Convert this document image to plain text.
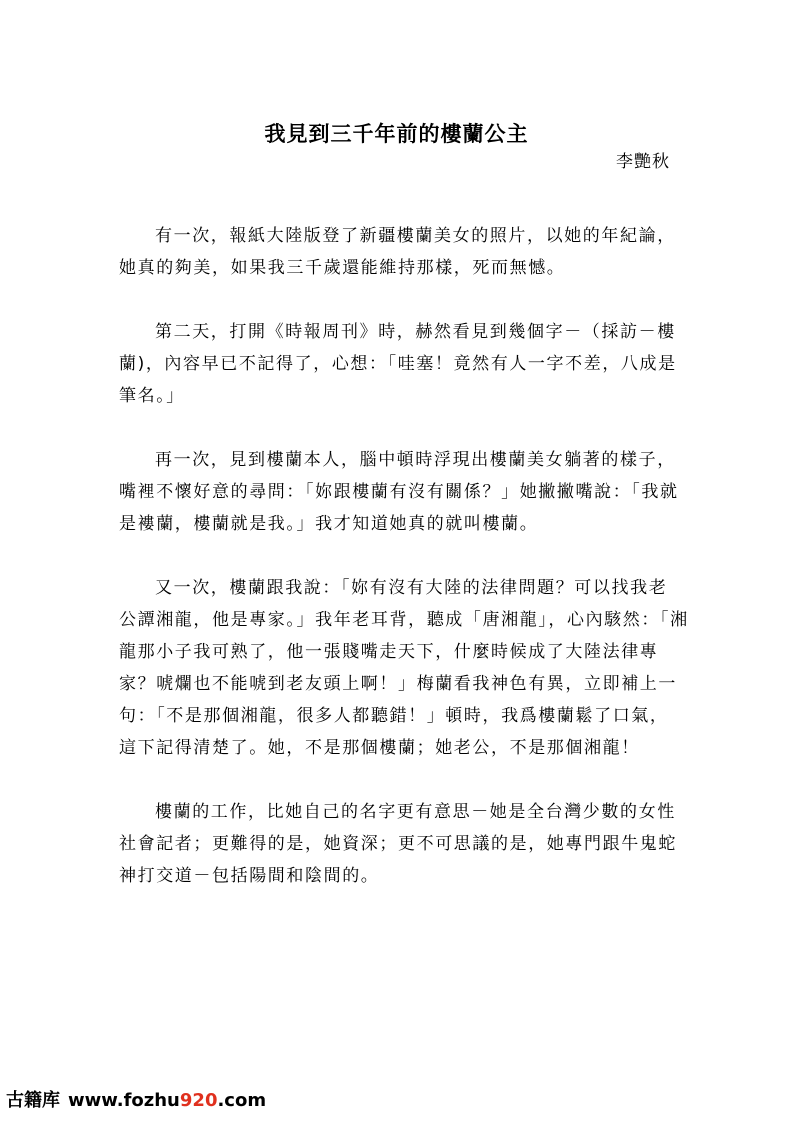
我見到三千年前的樓蘭公主
李艷秋

有一次，報紙大陸版登了新疆樓蘭美女的照片，以她的年紀論，
她真的夠美，如果我三千歲還能維持那樣，死而無憾。

第二天，打開《時報周刊》時，赫然看見到幾個字－（採訪－樓
蘭)，內容早已不記得了，心想：「哇塞！竟然有人一字不差，八成是
筆名。」

再一次，見到樓蘭本人，腦中頓時浮現出樓蘭美女躺著的樣子，
嘴裡不懷好意的尋問：「妳跟樓蘭有沒有關係？」她撇撇嘴說：「我就
是褸蘭，樓蘭就是我。」我才知道她真的就叫樓蘭。

又一次，樓蘭跟我說：「妳有沒有大陸的法律問題？可以找我老
公譚湘龍，他是專家。」我年老耳背，聽成「唐湘龍」，心內駭然：「湘
龍那小子我可熟了，他一張賤嘴走天下，什麼時候成了大陸法律專
家？唬爛也不能唬到老友頭上啊！」梅蘭看我神色有異，立即補上一
句：「不是那個湘龍，很多人都聽錯！」頓時，我爲樓蘭鬆了口氣，
這下記得清楚了。她，不是那個樓蘭；她老公，不是那個湘龍！

樓蘭的工作，比她自己的名字更有意思－她是全台灣少數的女性
社會記者；更難得的是，她資深；更不可思議的是，她專門跟牛鬼蛇
神打交道－包括陽間和陰間的。

古籍库 www.fozhu920.com
